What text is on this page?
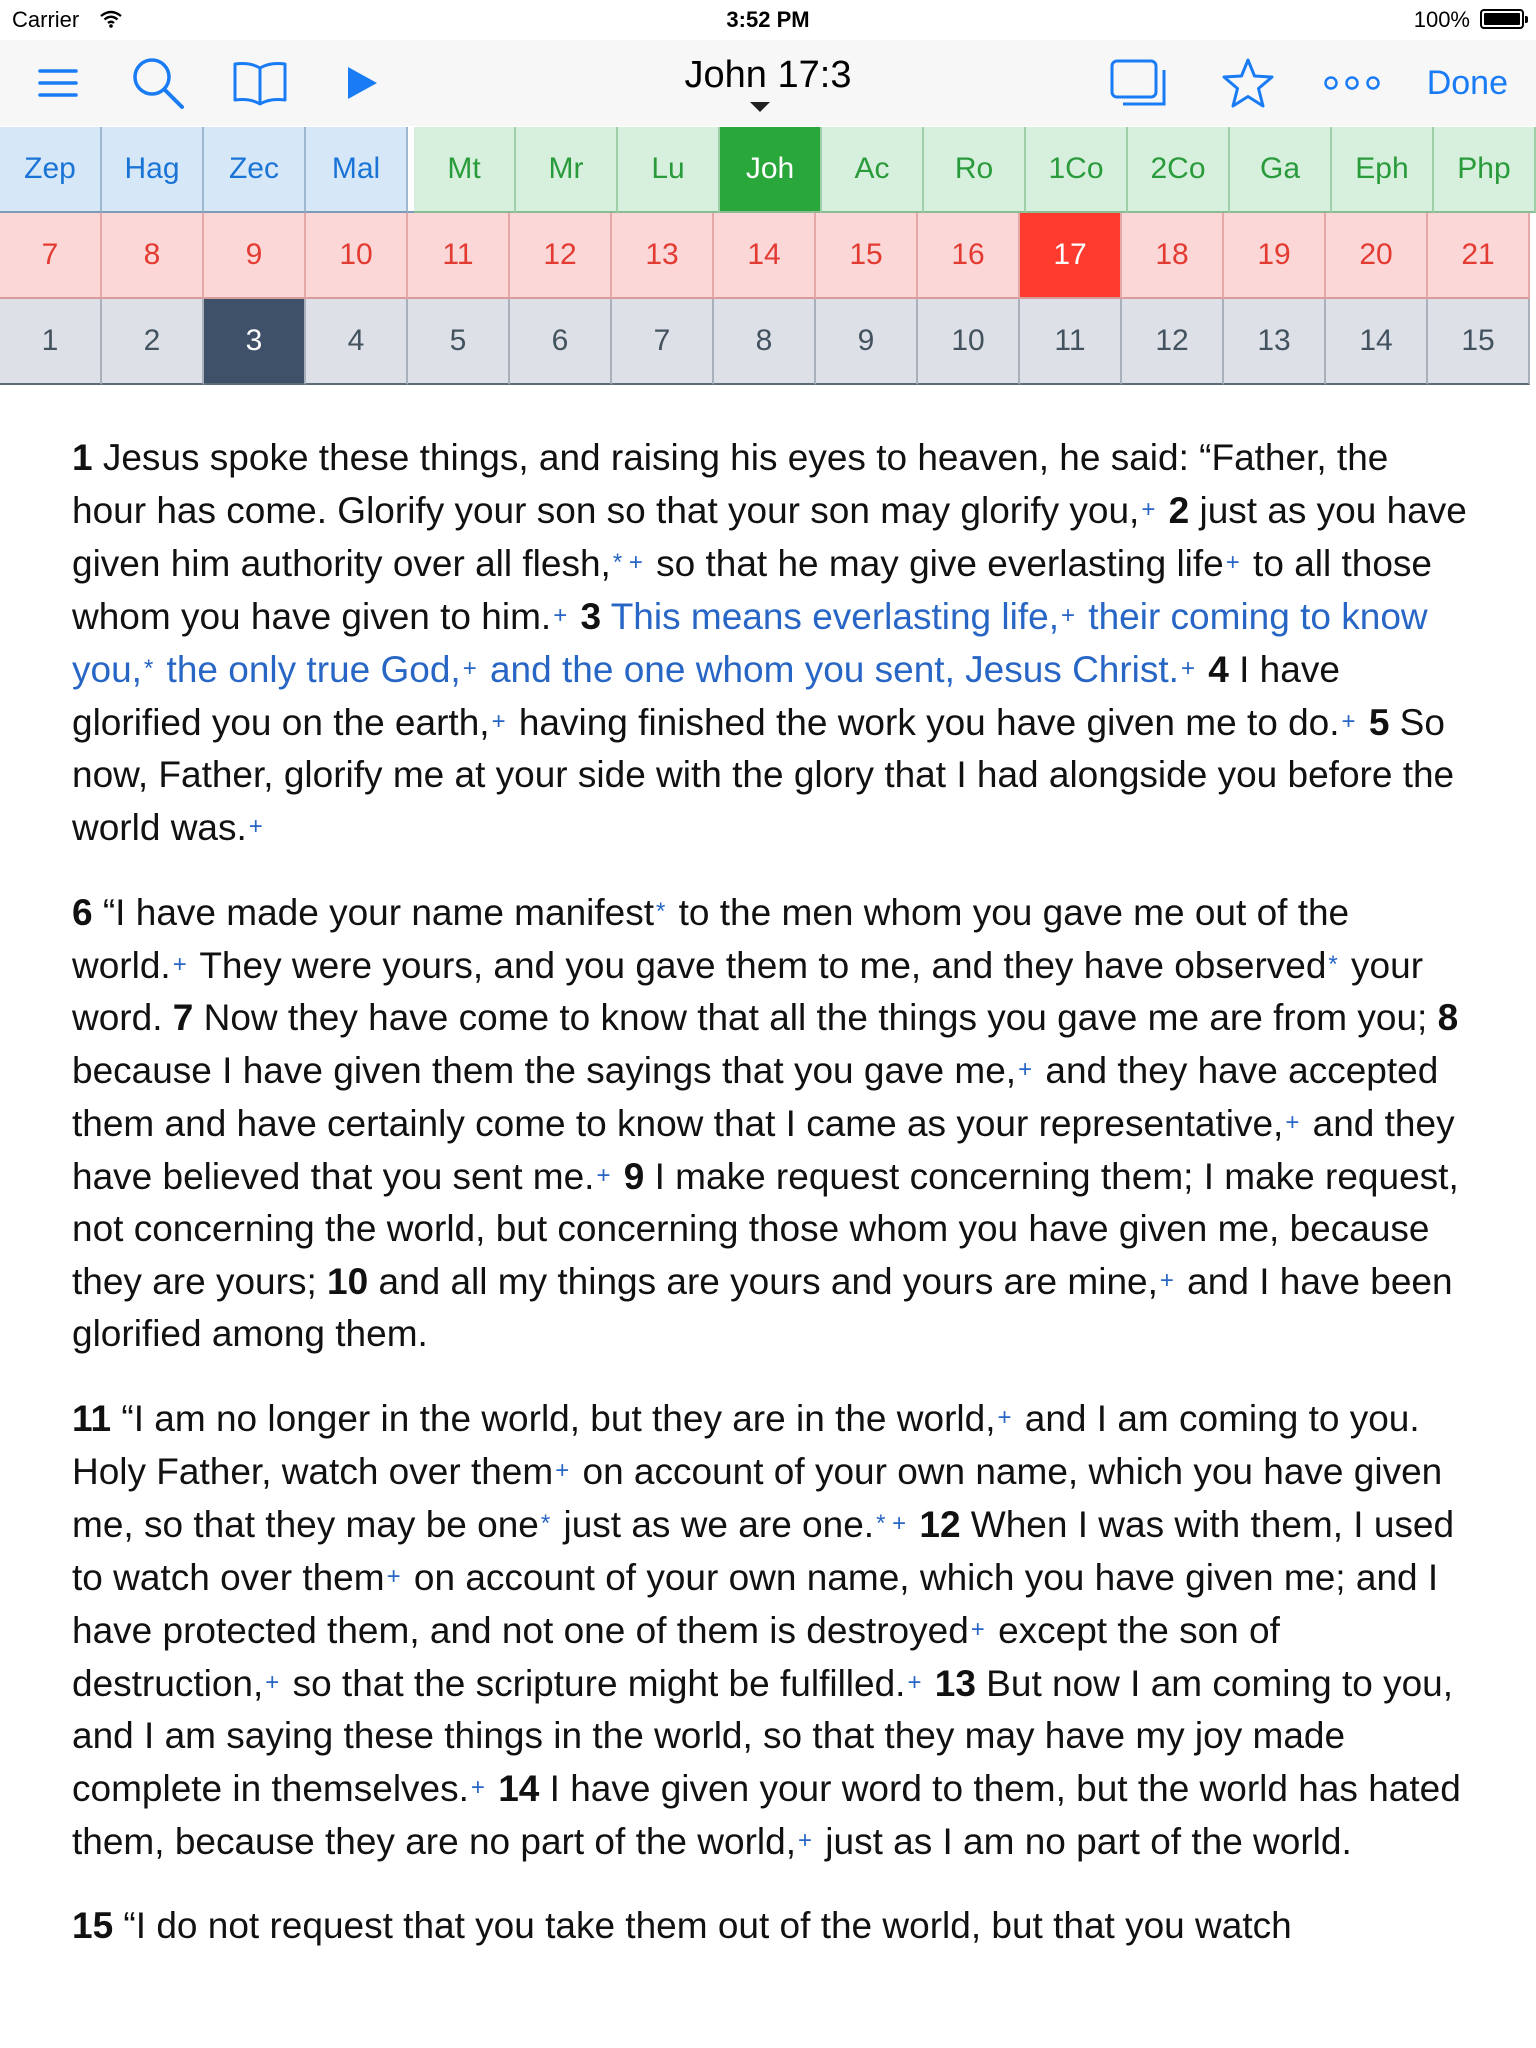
Carrier	3:52 PM	100%
John 17:3	Done
Zep	Hag	Zec	Mal	Mt	Mr	Lu	Joh	Ac	Ro	1Co	2Co	Ga	Eph	Php
7	8	9	10	11	12	13	14	15	16	17	18	19	20	21
1	2	3	4	5	6	7	8	9	10	11	12	13	14	15

1 Jesus spoke these things, and raising his eyes to heaven, he said: “Father, the hour has come. Glorify your son so that your son may glorify you,+ 2 just as you have given him authority over all flesh,* + so that he may give everlasting life+ to all those whom you have given to him.+ 3 This means everlasting life,+ their coming to know you,* the only true God,+ and the one whom you sent, Jesus Christ.+ 4 I have glorified you on the earth,+ having finished the work you have given me to do.+ 5 So now, Father, glorify me at your side with the glory that I had alongside you before the world was.+

6 “I have made your name manifest* to the men whom you gave me out of the world.+ They were yours, and you gave them to me, and they have observed* your word. 7 Now they have come to know that all the things you gave me are from you; 8 because I have given them the sayings that you gave me,+ and they have accepted them and have certainly come to know that I came as your representative,+ and they have believed that you sent me.+ 9 I make request concerning them; I make request, not concerning the world, but concerning those whom you have given me, because they are yours; 10 and all my things are yours and yours are mine,+ and I have been glorified among them.

11 “I am no longer in the world, but they are in the world,+ and I am coming to you. Holy Father, watch over them+ on account of your own name, which you have given me, so that they may be one* just as we are one.* + 12 When I was with them, I used to watch over them+ on account of your own name, which you have given me; and I have protected them, and not one of them is destroyed+ except the son of destruction,+ so that the scripture might be fulfilled.+ 13 But now I am coming to you, and I am saying these things in the world, so that they may have my joy made complete in themselves.+ 14 I have given your word to them, but the world has hated them, because they are no part of the world,+ just as I am no part of the world.

15 “I do not request that you take them out of the world, but that you watch
